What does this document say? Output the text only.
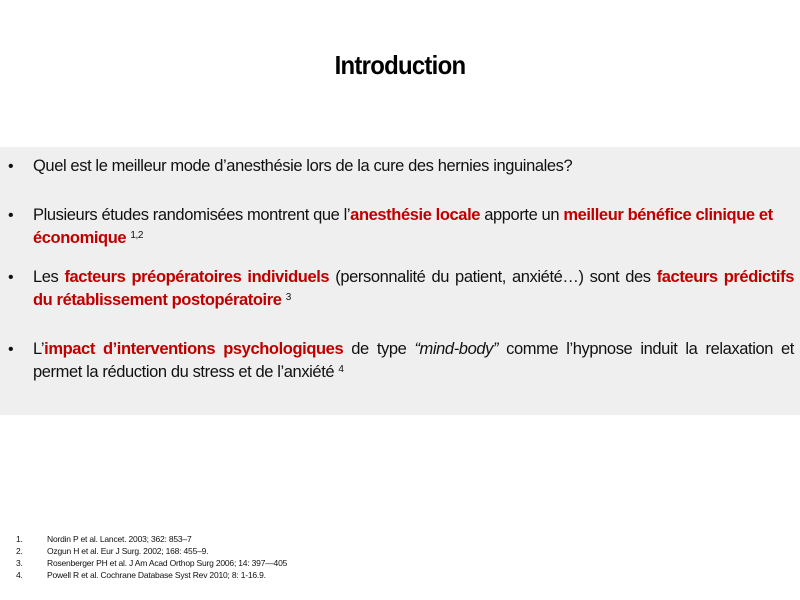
Introduction
•	Quel est le meilleur mode d’anesthésie lors de la cure des hernies inguinales?
•	Plusieurs études randomisées montrent que l’anesthésie locale apporte un meilleur bénéfice clinique et économique $^{1,2}$
•	Les facteurs préopératoires individuels (personnalité du patient, anxiété…) sont des facteurs prédictifs du rétablissement postopératoire $^3$
•	L’impact d’interventions psychologiques de type “mind-body” comme l’hypnose induit la relaxation et permet la réduction du stress et de l’anxiété $^4$
1.	Nordin P et al. Lancet. 2003; 362: 853–7
2.	Ozgun H et al. Eur J Surg. 2002; 168: 455–9.
3.	Rosenberger PH et al. J Am Acad Orthop Surg 2006; 14: 397—405
4.	Powell R et al. Cochrane Database Syst Rev 2010; 8: 1-16.9.
